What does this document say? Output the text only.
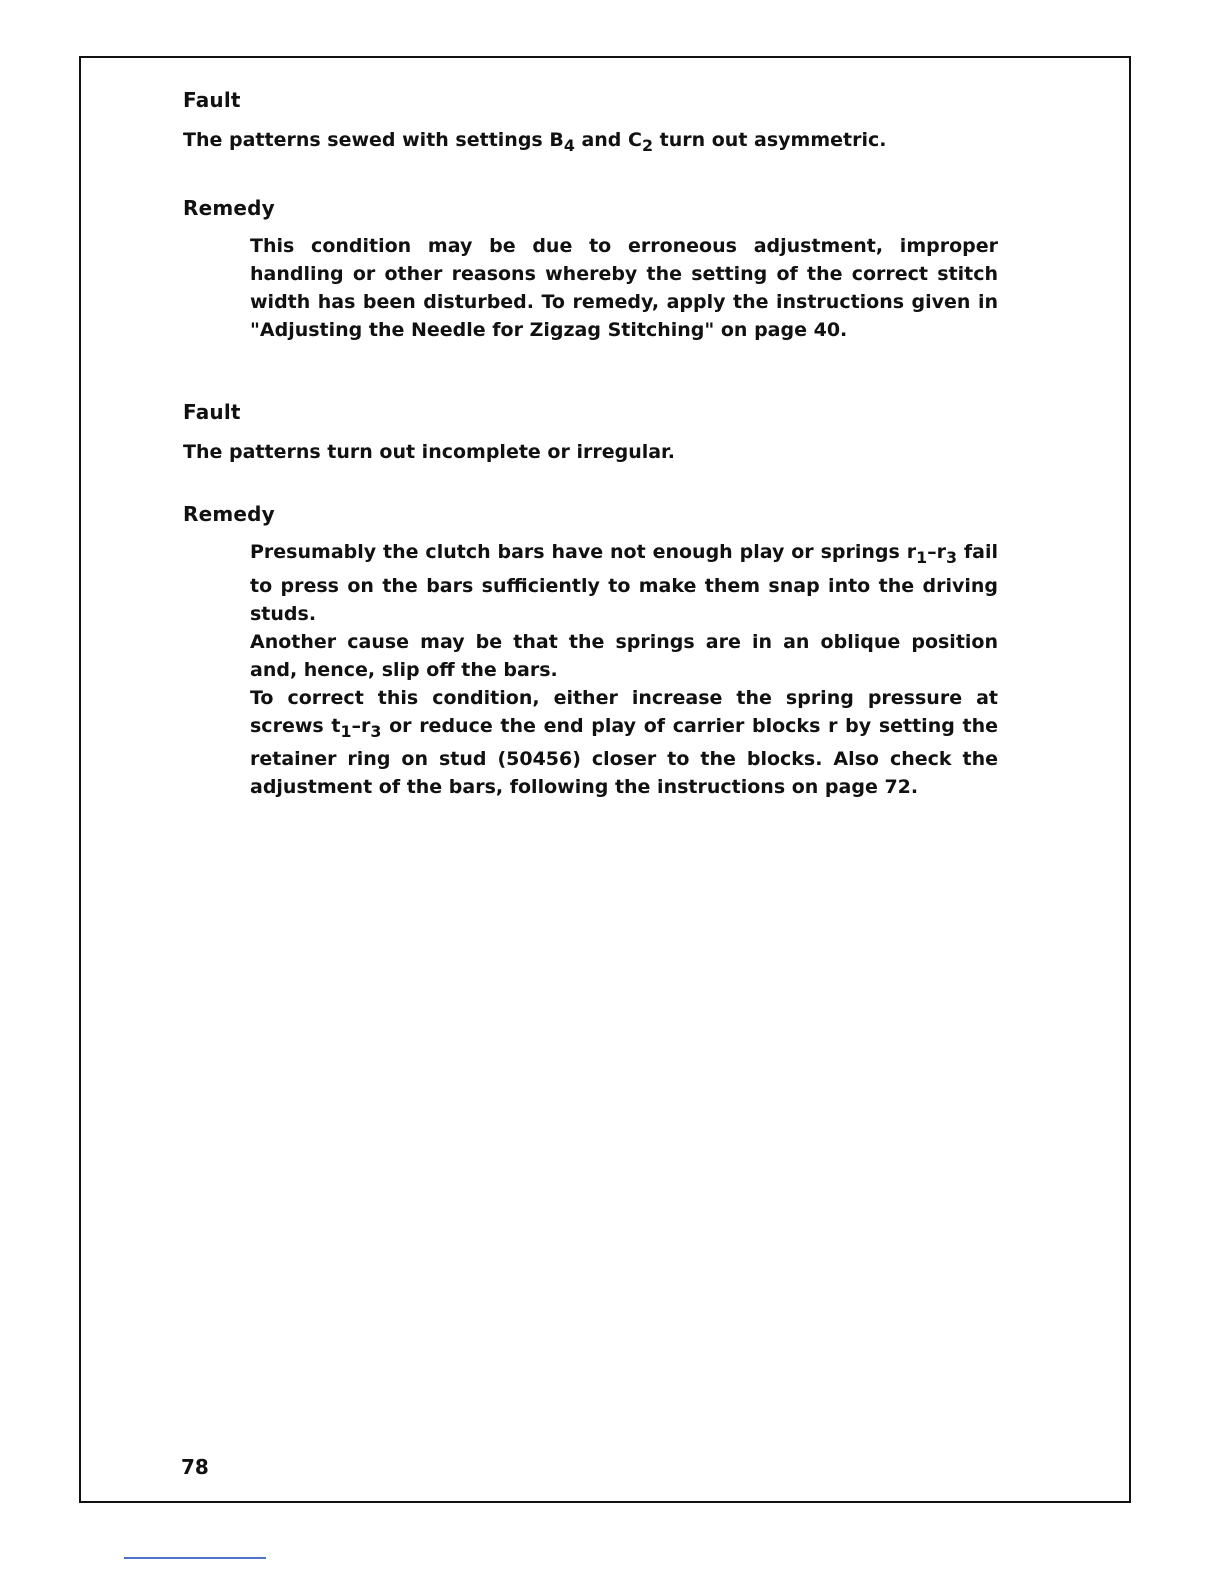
Fault

The patterns sewed with settings $B_4$ and $C_2$ turn out asymmetric.

Remedy

This condition may be due to erroneous adjustment, improper handling or other reasons whereby the setting of the correct stitch width has been disturbed. To remedy, apply the instructions given in "Adjusting the Needle for Zigzag Stitching" on page 40.

Fault

The patterns turn out incomplete or irregular.

Remedy

Presumably the clutch bars have not enough play or springs $r_1-r_3$ fail to press on the bars sufficiently to make them snap into the driving studs.

Another cause may be that the springs are in an oblique position and, hence, slip off the bars.

To correct this condition, either increase the spring pressure at screws $t_1-r_3$ or reduce the end play of carrier blocks r by setting the retainer ring on stud (50456) closer to the blocks. Also check the adjustment of the bars, following the instructions on page 72.

78
